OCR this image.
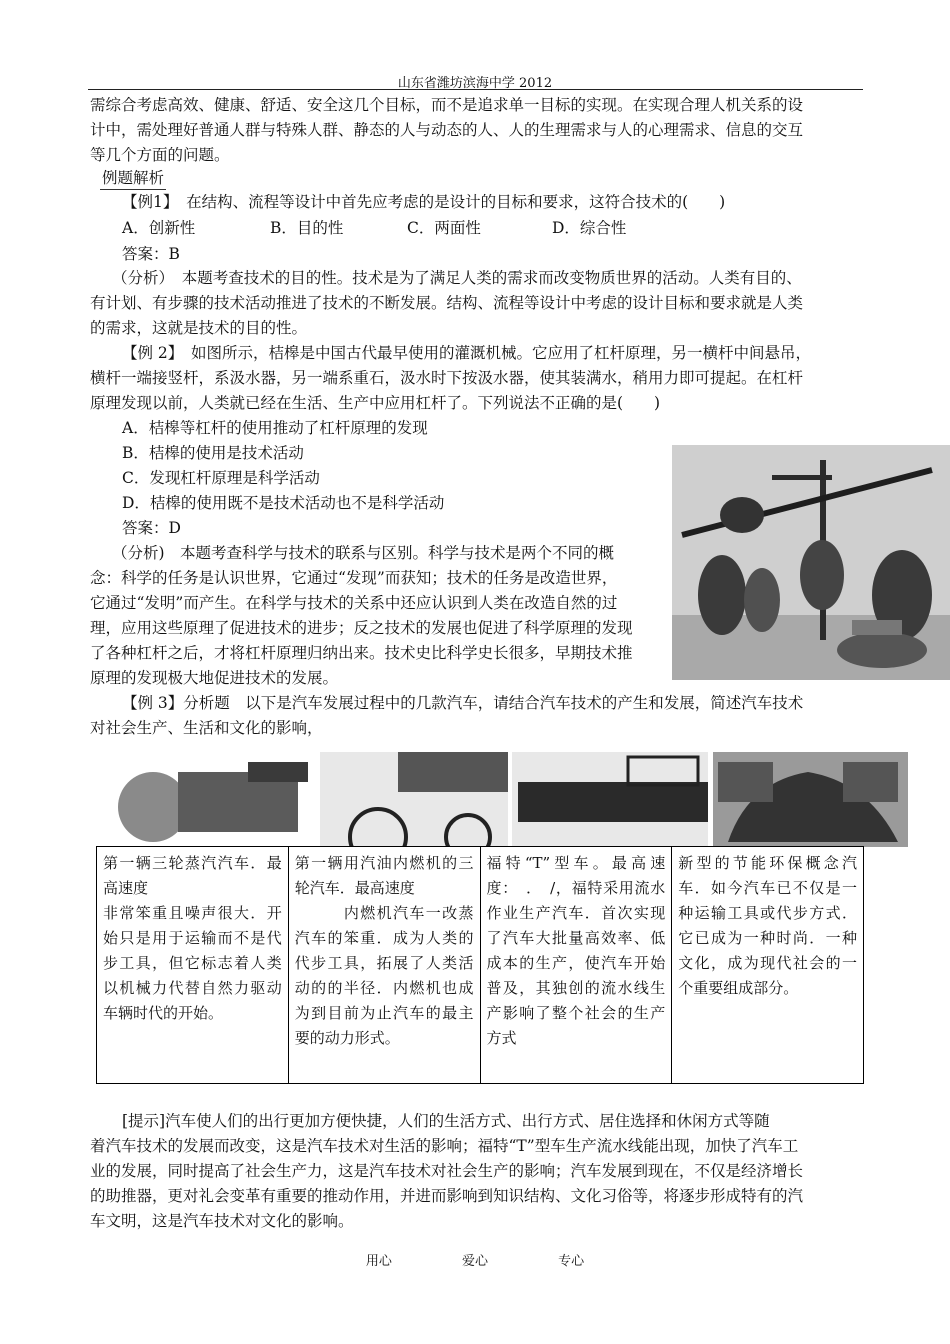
山东省潍坊滨海中学 2012
需综合考虑高效、健康、舒适、安全这几个目标，而不是追求单一目标的实现。在实现合理人机关系的设
计中，需处理好普通人群与特殊人群、静态的人与动态的人、人的生理需求与人的心理需求、信息的交互
等几个方面的问题。
例题解析
【例1】　在结构、流程等设计中首先应考虑的是设计的目标和要求，这符合技术的(　　)
A．创新性	B．目的性	C．两面性	D．综合性
答案：B
（分析）　本题考查技术的目的性。技术是为了满足人类的需求而改变物质世界的活动。人类有目的、
有计划、有步骤的技术活动推进了技术的不断发展。结构、流程等设计中考虑的设计目标和要求就是人类
的需求，这就是技术的目的性。
【例 2】　如图所示，桔槔是中国古代最早使用的灌溉机械。它应用了杠杆原理，另一横杆中间悬吊，
横杆一端接竖杆，系汲水器，另一端系重石，汲水时下按汲水器，使其装满水，稍用力即可提起。在杠杆
原理发现以前，人类就已经在生活、生产中应用杠杆了。下列说法不正确的是(　　)
A．桔槔等杠杆的使用推动了杠杆原理的发现
B．桔槔的使用是技术活动
C．发现杠杆原理是科学活动
D．桔槔的使用既不是技术活动也不是科学活动
答案：D
（分析)　本题考查科学与技术的联系与区别。科学与技术是两个不同的概
念：科学的任务是认识世界，它通过“发现”而获知；技术的任务是改造世界，
它通过“发明”而产生。在科学与技术的关系中还应认识到人类在改造自然的过
理，应用这些原理了促进技术的进步；反之技术的发展也促进了科学原理的发现
了各种杠杆之后，才将杠杆原理归纳出来。技术史比科学史长很多，早期技术推
原理的发现极大地促进技术的发展。
【例 3】分析题　以下是汽车发展过程中的几款汽车，请结合汽车技术的产生和发展，简述汽车技术
对社会生产、生活和文化的影响，
第一辆三轮蒸汽汽车．最高速度
非常笨重且噪声很大．开始只是用于运输而不是代步工具，但它标志着人类以机械力代替自然力驱动车辆时代的开始。

第一辆用汽油内燃机的三轮汽车．最高速度
　　　内燃机汽车一改蒸汽车的笨重．成为人类的代步工具，拓展了人类活动的的半径．内燃机也成为到目前为止汽车的最主要的动力形式。

福特“T”型车。最高速度：　．　/，福特采用流水作业生产汽车．首次实现了汽车大批量高效率、低成本的生产，使汽车开始普及，其独创的流水线生产影响了整个社会的生产方式

新型的节能环保概念汽车．如今汽车已不仅是一种运输工具或代步方式．它已成为一种时尚．一种文化，成为现代社会的一个重要组成部分。
[提示]汽车使人们的出行更加方便快捷，人们的生活方式、出行方式、居住选择和休闲方式等随
着汽车技术的发展而改变，这是汽车技术对生活的影响；福特“T”型车生产流水线能出现，加快了汽车工
业的发展，同时提高了社会生产力，这是汽车技术对社会生产的影响；汽车发展到现在，不仅是经济增长
的助推器，更对礼会变革有重要的推动作用，并进而影响到知识结构、文化习俗等，将逐步形成特有的汽
车文明，这是汽车技术对文化的影响。
用心	爱心	专心
